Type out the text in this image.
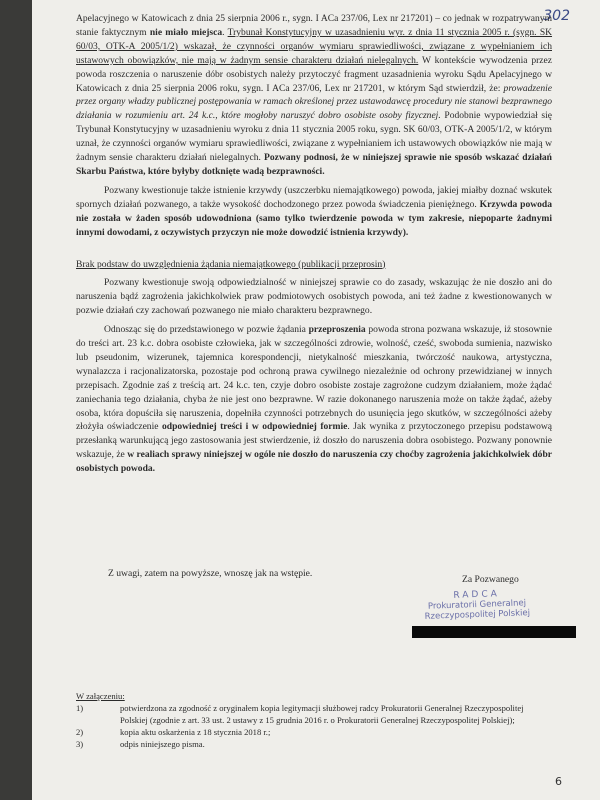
302

Apelacyjnego w Katowicach z dnia 25 sierpnia 2006 r., sygn. I ACa 237/06, Lex nr 217201) – co jednak w rozpatrywanym stanie faktycznym nie miało miejsca. Trybunał Konstytucyjny w uzasadnieniu wyr. z dnia 11 stycznia 2005 r. (sygn. SK 60/03, OTK-A 2005/1/2) wskazał, że czynności organów wymiaru sprawiedliwości, związane z wypełnianiem ich ustawowych obowiązków, nie mają w żadnym sensie charakteru działań nielegalnych. W kontekście wywodzenia przez powoda roszczenia o naruszenie dóbr osobistych należy przytoczyć fragment uzasadnienia wyroku Sądu Apelacyjnego w Katowicach z dnia 25 sierpnia 2006 roku, sygn. I ACa 237/06, Lex nr 217201, w którym Sąd stwierdził, że: prowadzenie przez organy władzy publicznej postępowania w ramach określonej przez ustawodawcę procedury nie stanowi bezprawnego działania w rozumieniu art. 24 k.c., które mogłoby naruszyć dobro osobiste osoby fizycznej. Podobnie wypowiedział się Trybunał Konstytucyjny w uzasadnieniu wyroku z dnia 11 stycznia 2005 roku, sygn. SK 60/03, OTK-A 2005/1/2, w którym uznał, że czynności organów wymiaru sprawiedliwości, związane z wypełnianiem ich ustawowych obowiązków nie mają w żadnym sensie charakteru działań nielegalnych. Pozwany podnosi, że w niniejszej sprawie nie sposób wskazać działań Skarbu Państwa, które byłyby dotknięte wadą bezprawności.

Pozwany kwestionuje także istnienie krzywdy (uszczerbku niemajątkowego) powoda, jakiej miałby doznać wskutek spornych działań pozwanego, a także wysokość dochodzonego przez powoda świadczenia pieniężnego. Krzywda powoda nie została w żaden sposób udowodniona (samo tylko twierdzenie powoda w tym zakresie, niepoparte żadnymi innymi dowodami, z oczywistych przyczyn nie może dowodzić istnienia krzywdy).

Brak podstaw do uwzględnienia żądania niemajątkowego (publikacji przeprosin)

Pozwany kwestionuje swoją odpowiedzialność w niniejszej sprawie co do zasady, wskazując że nie doszło ani do naruszenia bądź zagrożenia jakichkolwiek praw podmiotowych osobistych powoda, ani też żadne z kwestionowanych w pozwie działań czy zachowań pozwanego nie miało charakteru bezprawnego.

Odnosząc się do przedstawionego w pozwie żądania przeproszenia powoda strona pozwana wskazuje, iż stosownie do treści art. 23 k.c. dobra osobiste człowieka, jak w szczególności zdrowie, wolność, cześć, swoboda sumienia, nazwisko lub pseudonim, wizerunek, tajemnica korespondencji, nietykalność mieszkania, twórczość naukowa, artystyczna, wynalazcza i racjonalizatorska, pozostaje pod ochroną prawa cywilnego niezależnie od ochrony przewidzianej w innych przepisach. Zgodnie zaś z treścią art. 24 k.c. ten, czyje dobro osobiste zostaje zagrożone cudzym działaniem, może żądać zaniechania tego działania, chyba że nie jest ono bezprawne. W razie dokonanego naruszenia może on także żądać, ażeby osoba, która dopuściła się naruszenia, dopełniła czynności potrzebnych do usunięcia jego skutków, w szczególności ażeby złożyła oświadczenie odpowiedniej treści i w odpowiedniej formie. Jak wynika z przytoczonego przepisu podstawową przesłanką warunkującą jego zastosowania jest stwierdzenie, iż doszło do naruszenia dobra osobistego. Pozwany ponownie wskazuje, że w realiach sprawy niniejszej w ogóle nie doszło do naruszenia czy choćby zagrożenia jakichkolwiek dóbr osobistych powoda.

Z uwagi, zatem na powyższe, wnoszę jak na wstępie.
Za Pozwanego
RADCA
Prokuratorii Generalnej
Rzeczypospolitej Polskiej
W załączeniu:
1)	potwierdzona za zgodność z oryginałem kopia legitymacji służbowej radcy Prokuratorii Generalnej Rzeczypospolitej Polskiej (zgodnie z art. 33 ust. 2 ustawy z 15 grudnia 2016 r. o Prokuratorii Generalnej Rzeczypospolitej Polskiej);
2)	kopia aktu oskarżenia z 18 stycznia 2018 r.;
3)	odpis niniejszego pisma.
6
